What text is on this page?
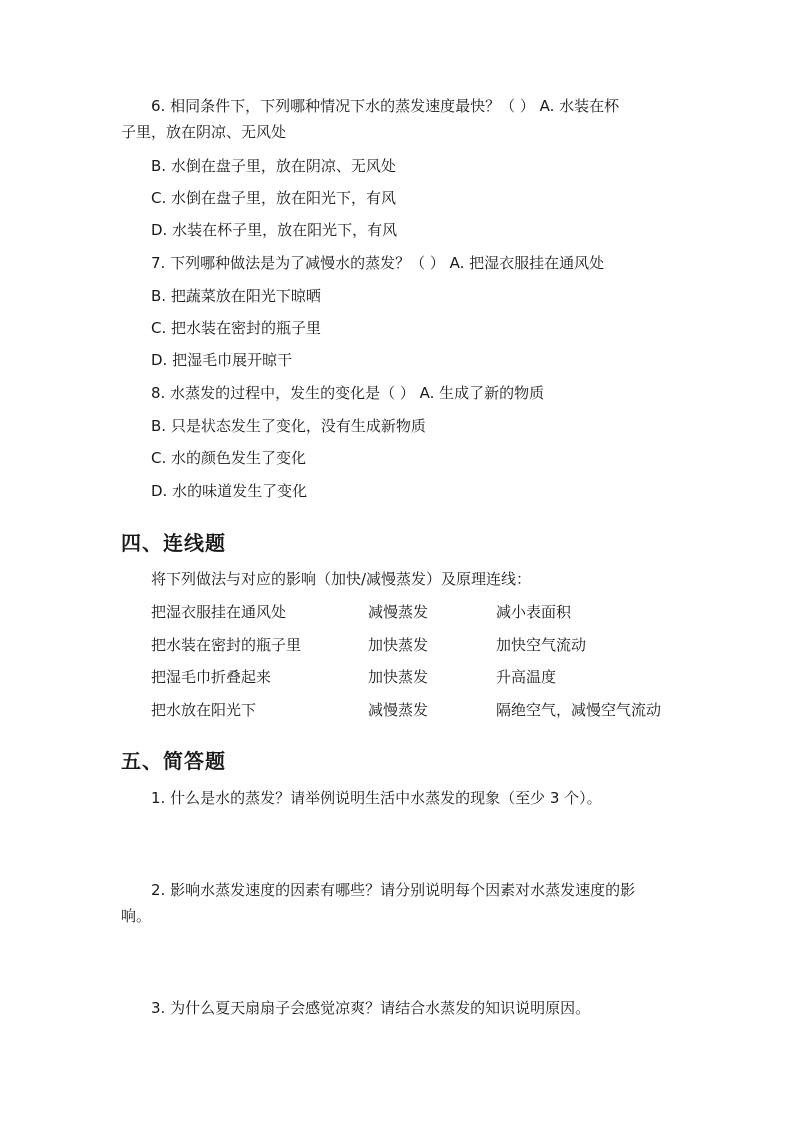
6. 相同条件下，下列哪种情况下水的蒸发速度最快？（ ） A. 水装在杯
子里，放在阴凉、无风处
B. 水倒在盘子里，放在阴凉、无风处
C. 水倒在盘子里，放在阳光下，有风
D. 水装在杯子里，放在阳光下，有风
7. 下列哪种做法是为了减慢水的蒸发？（ ） A. 把湿衣服挂在通风处
B. 把蔬菜放在阳光下晾晒
C. 把水装在密封的瓶子里
D. 把湿毛巾展开晾干
8. 水蒸发的过程中，发生的变化是（ ） A. 生成了新的物质
B. 只是状态发生了变化，没有生成新物质
C. 水的颜色发生了变化
D. 水的味道发生了变化
四、连线题
将下列做法与对应的影响（加快/减慢蒸发）及原理连线：
把湿衣服挂在通风处	减慢蒸发	减小表面积
把水装在密封的瓶子里	加快蒸发	加快空气流动
把湿毛巾折叠起来	加快蒸发	升高温度
把水放在阳光下	减慢蒸发	隔绝空气，减慢空气流动
五、简答题
1. 什么是水的蒸发？请举例说明生活中水蒸发的现象（至少 3 个）。
2. 影响水蒸发速度的因素有哪些？请分别说明每个因素对水蒸发速度的影
响。
3. 为什么夏天扇扇子会感觉凉爽？请结合水蒸发的知识说明原因。
